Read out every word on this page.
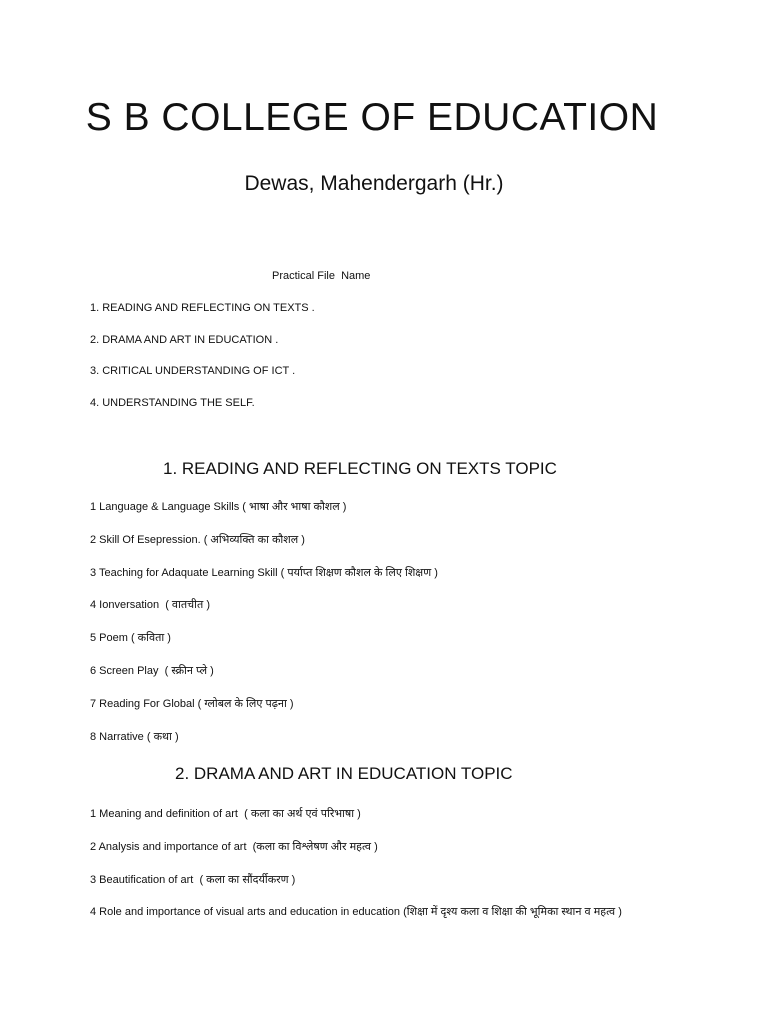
S B COLLEGE OF EDUCATION

Dewas, Mahendergarh (Hr.)

Practical File  Name
1. READING AND REFLECTING ON TEXTS .
2. DRAMA AND ART IN EDUCATION .
3. CRITICAL UNDERSTANDING OF ICT .
4. UNDERSTANDING THE SELF.
1. READING AND REFLECTING ON TEXTS TOPIC
1 Language & Language Skills ( भाषा और भाषा कौशल )
2 Skill Of Esepression. ( अभिव्यक्ति का कौशल )
3 Teaching for Adaquate Learning Skill ( पर्याप्त शिक्षण कौशल के लिए शिक्षण )
4 Ionversation  ( वातचीत )
5 Poem ( कविता )
6 Screen Play  ( स्क्रीन प्ले )
7 Reading For Global ( ग्लोबल के लिए पढ़ना )
8 Narrative ( कथा )
2. DRAMA AND ART IN EDUCATION TOPIC
1 Meaning and definition of art  ( कला का अर्थ एवं परिभाषा )
2 Analysis and importance of art  (कला का विश्लेषण और महत्व )
3 Beautification of art  ( कला का सौंदर्यीकरण )
4 Role and importance of visual arts and education in education (शिक्षा में दृश्य कला व शिक्षा की भूमिका स्थान व महत्व )
